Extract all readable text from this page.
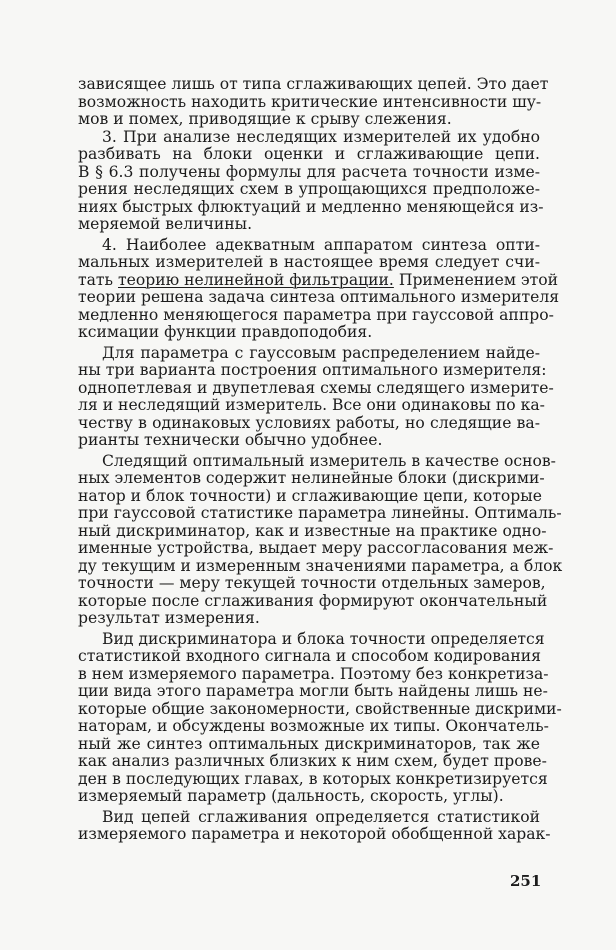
зависящее лишь от типа сглаживающих цепей. Это дает
возможность находить критические интенсивности шу-
мов и помех, приводящие к срыву слежения.
3. При анализе неследящих измерителей их удобно
разбивать на блоки оценки и сглаживающие цепи.
В § 6.3 получены формулы для расчета точности изме-
рения неследящих схем в упрощающихся предположе-
ниях быстрых флюктуаций и медленно меняющейся из-
меряемой величины.
4. Наиболее адекватным аппаратом синтеза опти-
мальных измерителей в настоящее время следует счи-
тать теорию нелинейной фильтрации. Применением этой
теории решена задача синтеза оптимального измерителя
медленно меняющегося параметра при гауссовой аппро-
ксимации функции правдоподобия.
Для параметра с гауссовым распределением найде-
ны три варианта построения оптимального измерителя:
однопетлевая и двупетлевая схемы следящего измерите-
ля и неследящий измеритель. Все они одинаковы по ка-
честву в одинаковых условиях работы, но следящие ва-
рианты технически обычно удобнее.
Следящий оптимальный измеритель в качестве основ-
ных элементов содержит нелинейные блоки (дискрими-
натор и блок точности) и сглаживающие цепи, которые
при гауссовой статистике параметра линейны. Оптималь-
ный дискриминатор, как и известные на практике одно-
именные устройства, выдает меру рассогласования меж-
ду текущим и измеренным значениями параметра, а блок
точности — меру текущей точности отдельных замеров,
которые после сглаживания формируют окончательный
результат измерения.
Вид дискриминатора и блока точности определяется
статистикой входного сигнала и способом кодирования
в нем измеряемого параметра. Поэтому без конкретиза-
ции вида этого параметра могли быть найдены лишь не-
которые общие закономерности, свойственные дискрими-
наторам, и обсуждены возможные их типы. Окончатель-
ный же синтез оптимальных дискриминаторов, так же
как анализ различных близких к ним схем, будет прове-
ден в последующих главах, в которых конкретизируется
измеряемый параметр (дальность, скорость, углы).
Вид цепей сглаживания определяется статистикой
измеряемого параметра и некоторой обобщенной харак-
251
